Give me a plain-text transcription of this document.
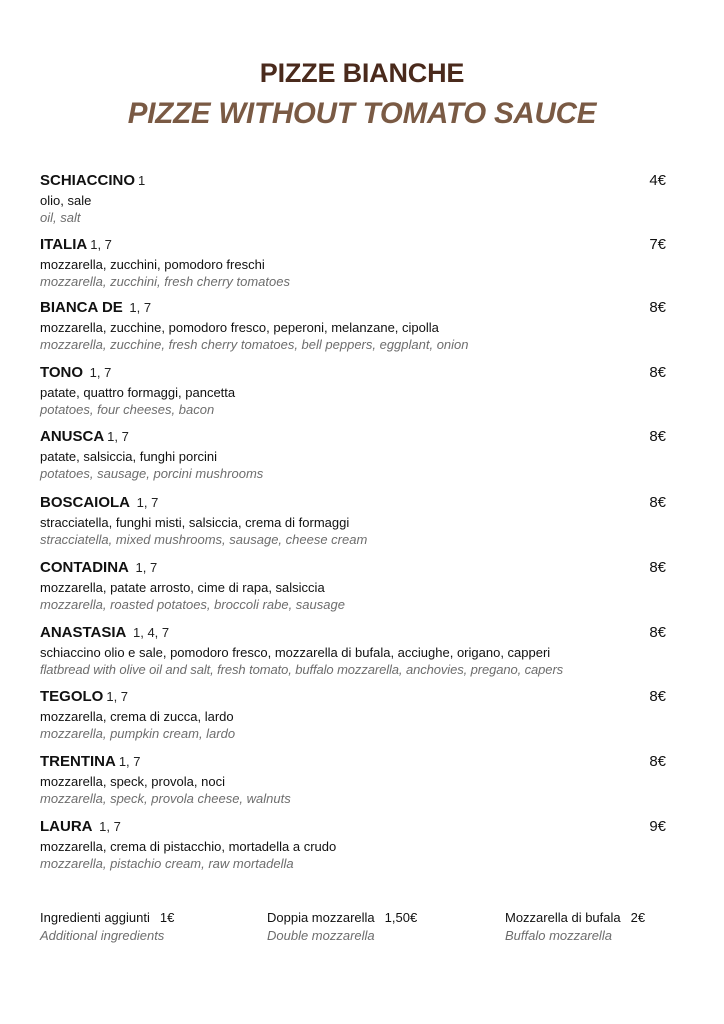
PIZZE BIANCHE
PIZZE WITHOUT TOMATO SAUCE
SCHIACCINO 1	4€
olio, sale
oil, salt
ITALIA 1, 7	7€
mozzarella, zucchini, pomodoro freschi
mozzarella, zucchini, fresh cherry tomatoes
BIANCA DE 1, 7	8€
mozzarella, zucchine, pomodoro fresco, peperoni, melanzane, cipolla
mozzarella, zucchine, fresh cherry tomatoes, bell peppers, eggplant, onion
TONO 1, 7	8€
patate, quattro formaggi, pancetta
potatoes, four cheeses, bacon
ANUSCA 1, 7	8€
patate, salsiccia, funghi porcini
potatoes, sausage, porcini mushrooms
BOSCAIOLA 1, 7	8€
stracciatella, funghi misti, salsiccia, crema di formaggi
stracciatella, mixed mushrooms, sausage, cheese cream
CONTADINA 1, 7	8€
mozzarella, patate arrosto, cime di rapa, salsiccia
mozzarella, roasted potatoes, broccoli rabe, sausage
ANASTASIA 1, 4, 7	8€
schiaccino olio e sale, pomodoro fresco, mozzarella di bufala, acciughe, origano, capperi
flatbread with olive oil and salt, fresh tomato, buffalo mozzarella, anchovies, pregano, capers
TEGOLO 1, 7	8€
mozzarella, crema di zucca, lardo
mozzarella, pumpkin cream, lardo
TRENTINA 1, 7	8€
mozzarella, speck, provola, noci
mozzarella, speck, provola cheese, walnuts
LAURA 1, 7	9€
mozzarella, crema di pistacchio, mortadella a crudo
mozzarella, pistachio cream, raw mortadella
Ingredienti aggiunti 1€
Additional ingredients
Doppia mozzarella 1,50€
Double mozzarella
Mozzarella di bufala 2€
Buffalo mozzarella
